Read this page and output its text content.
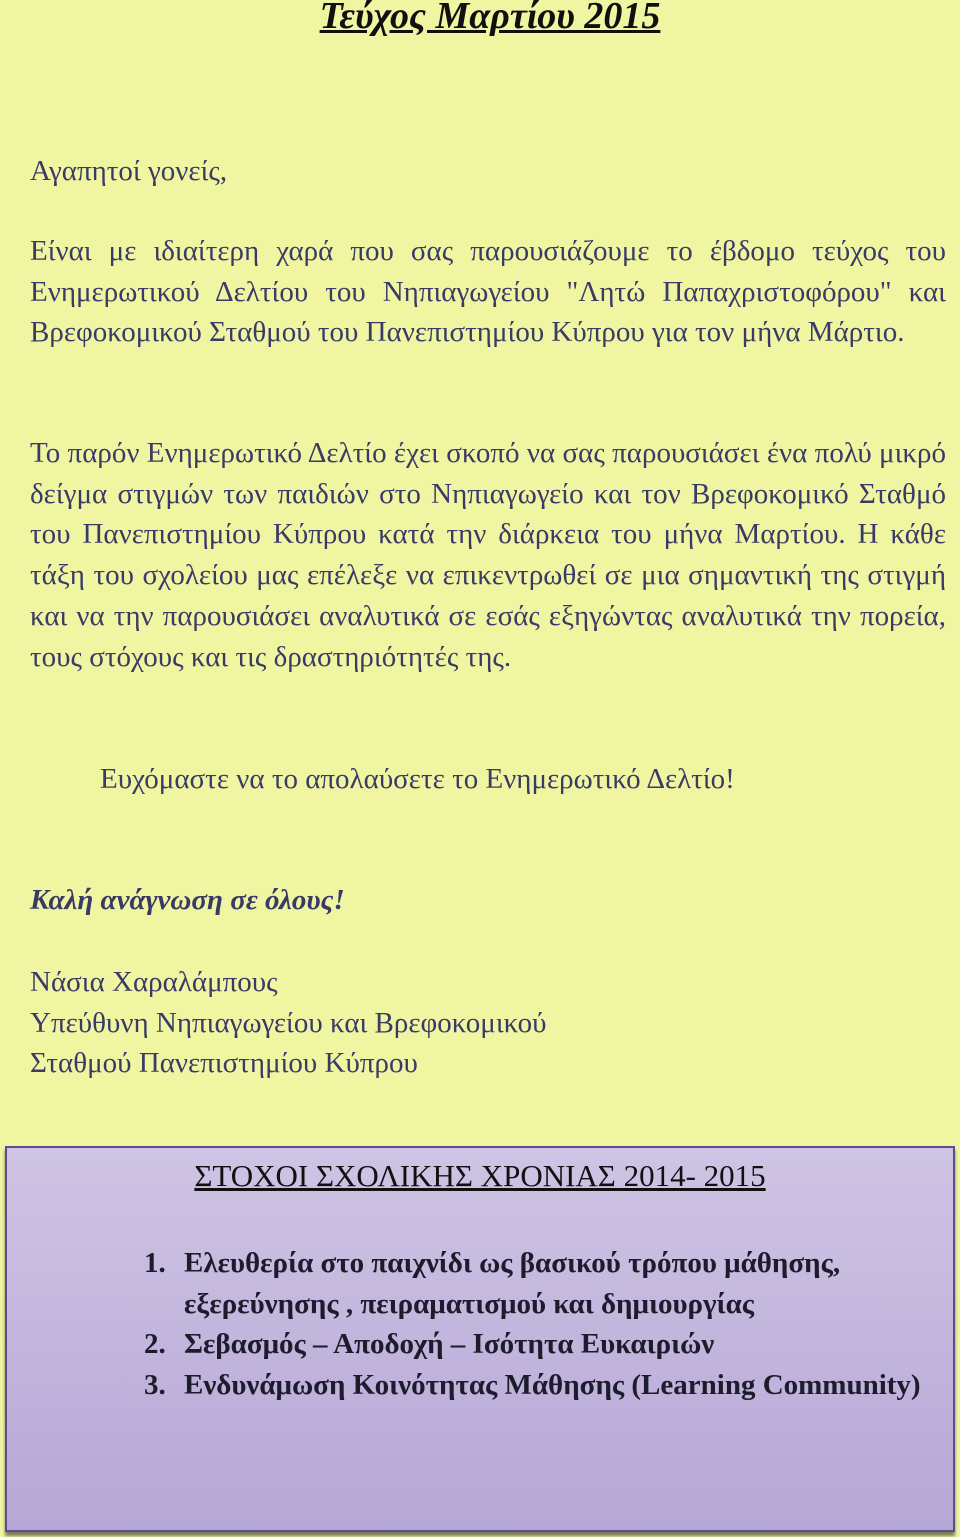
Τεύχος Μαρτίου 2015
Αγαπητοί γονείς,
Είναι με ιδιαίτερη χαρά που σας παρουσιάζουμε το έβδομο τεύχος του Ενημερωτικού Δελτίου του Νηπιαγωγείου "Λητώ Παπαχριστοφόρου" και Βρεφοκομικού Σταθμού του Πανεπιστημίου Κύπρου για τον μήνα Μάρτιο.
Το παρόν Ενημερωτικό Δελτίο έχει σκοπό να σας παρουσιάσει ένα πολύ μικρό δείγμα στιγμών των παιδιών στο Νηπιαγωγείο και τον Βρεφοκομικό Σταθμό του Πανεπιστημίου Κύπρου κατά την διάρκεια του μήνα Μαρτίου. Η κάθε τάξη του σχολείου μας επέλεξε να επικεντρωθεί σε μια σημαντική της στιγμή και να την παρουσιάσει αναλυτικά σε εσάς εξηγώντας αναλυτικά την πορεία, τους στόχους και τις δραστηριότητές της.
Ευχόμαστε να το απολαύσετε το Ενημερωτικό Δελτίο!
Καλή ανάγνωση σε όλους!
Νάσια Χαραλάμπους
Υπεύθυνη Νηπιαγωγείου και Βρεφοκομικού
Σταθμού Πανεπιστημίου Κύπρου
ΣΤΟΧΟΙ ΣΧΟΛΙΚΗΣ ΧΡΟΝΙΑΣ 2014- 2015
1. Ελευθερία στο παιχνίδι ως βασικού τρόπου μάθησης, εξερεύνησης , πειραματισμού και δημιουργίας
2. Σεβασμός – Αποδοχή – Ισότητα Ευκαιριών
3. Ενδυνάμωση Κοινότητας Μάθησης (Learning Community)
